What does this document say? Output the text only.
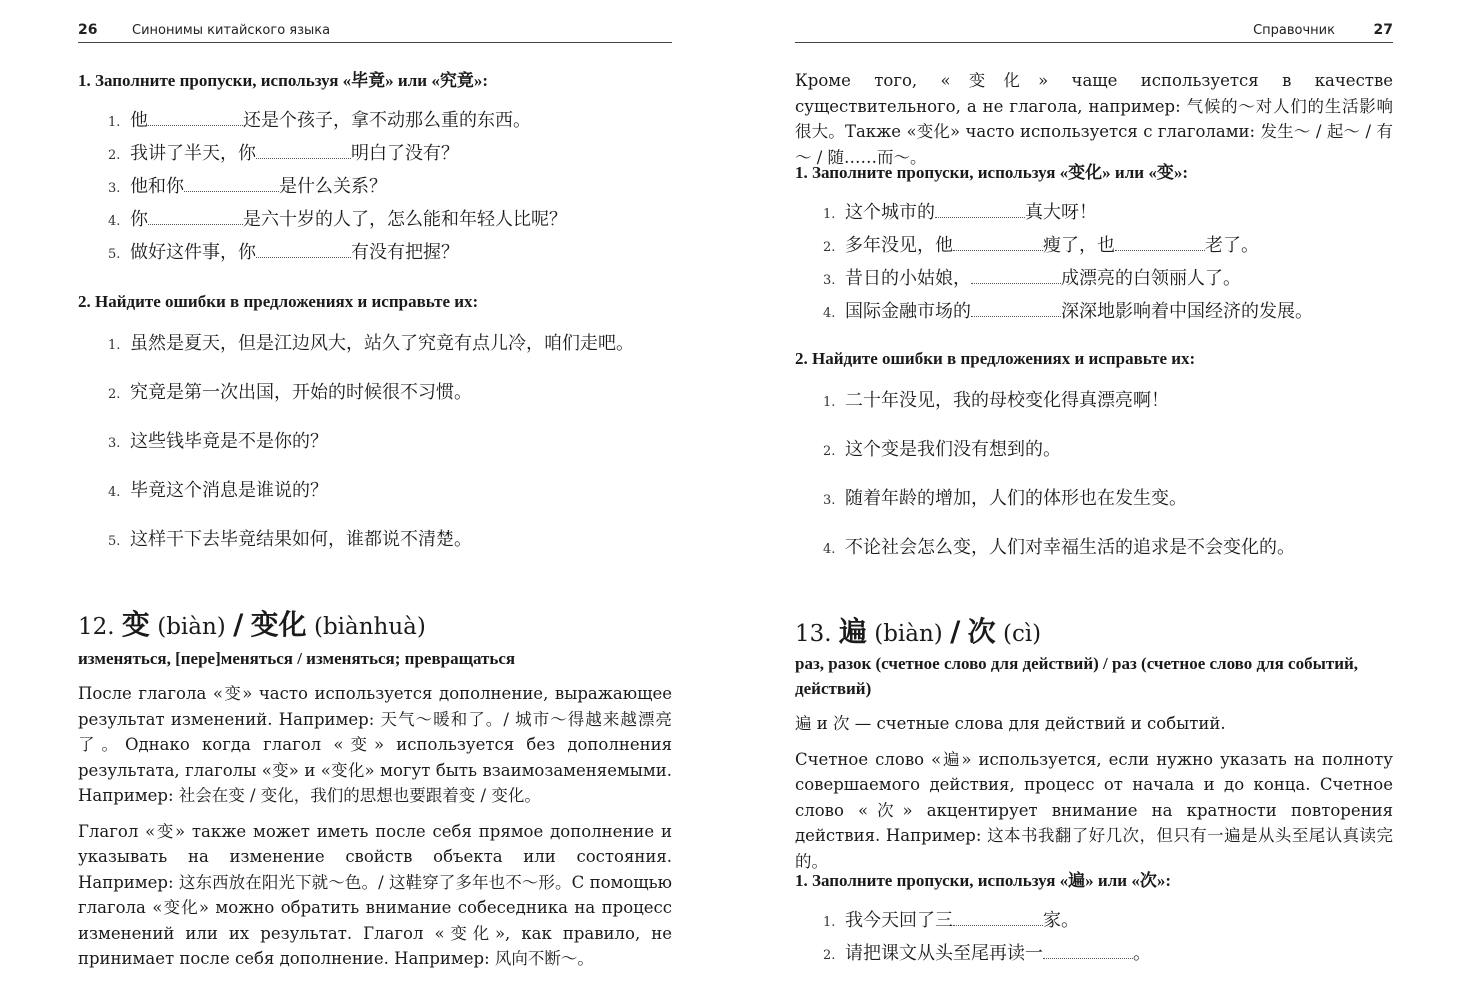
26	Синонимы китайского языка
1. Заполните пропуски, используя «毕竟» или «究竟»:
1. 他	还是个孩子，拿不动那么重的东西。
2. 我讲了半天，你	明白了没有？
3. 他和你	是什么关系？
4. 你	是六十岁的人了，怎么能和年轻人比呢？
5. 做好这件事，你	有没有把握？
2. Найдите ошибки в предложениях и исправьте их:
1. 虽然是夏天，但是江边风大，站久了究竟有点儿冷，咱们走吧。
2. 究竟是第一次出国，开始的时候很不习惯。
3. 这些钱毕竟是不是你的？
4. 毕竟这个消息是谁说的？
5. 这样干下去毕竟结果如何，谁都说不清楚。
12. 变 (biàn) / 变化 (biànhuà)
изменяться, [пере]меняться / изменяться; превращаться

После глагола «变» часто используется дополнение, выражающее результат изменений. Например: 天气～暖和了。/ 城市～得越来越漂亮了。Однако когда глагол «变» используется без дополнения результата, глаголы «变» и «变化» могут быть взаимозаменяемыми. Например: 社会在变 / 变化，我们的思想也要跟着变 / 变化。

Глагол «变» также может иметь после себя прямое дополнение и указывать на изменение свойств объекта или состояния. Например: 这东西放在阳光下就～色。/ 这鞋穿了多年也不～形。С помощью глагола «变化» можно обратить внимание собеседника на процесс изменений или их результат. Глагол «变化», как правило, не принимает после себя дополнение. Например: 风向不断～。

Справочник	27

Кроме того, «变化» чаще используется в качестве существительного, а не глагола, например: 气候的～对人们的生活影响很大。Также «变化» часто используется с глаголами: 发生～ / 起～ / 有～ / 随……而～。

1. Заполните пропуски, используя «变化» или «变»:
1. 这个城市的	真大呀！
2. 多年没见，他	瘦了，也	老了。
3. 昔日的小姑娘，	成漂亮的白领丽人了。
4. 国际金融市场的	深深地影响着中国经济的发展。
2. Найдите ошибки в предложениях и исправьте их:
1. 二十年没见，我的母校变化得真漂亮啊！
2. 这个变是我们没有想到的。
3. 随着年龄的增加，人们的体形也在发生变。
4. 不论社会怎么变，人们对幸福生活的追求是不会变化的。
13. 遍 (biàn) / 次 (cì)
раз, разок (счетное слово для действий) / раз (счетное слово для событий, действий)

遍 и 次 — счетные слова для действий и событий.

Счетное слово «遍» используется, если нужно указать на полноту совершаемого действия, процесс от начала и до конца. Счетное слово «次» акцентирует внимание на кратности повторения действия. Например: 这本书我翻了好几次，但只有一遍是从头至尾认真读完的。

1. Заполните пропуски, используя «遍» или «次»:
1. 我今天回了三	家。
2. 请把课文从头至尾再读一	。
